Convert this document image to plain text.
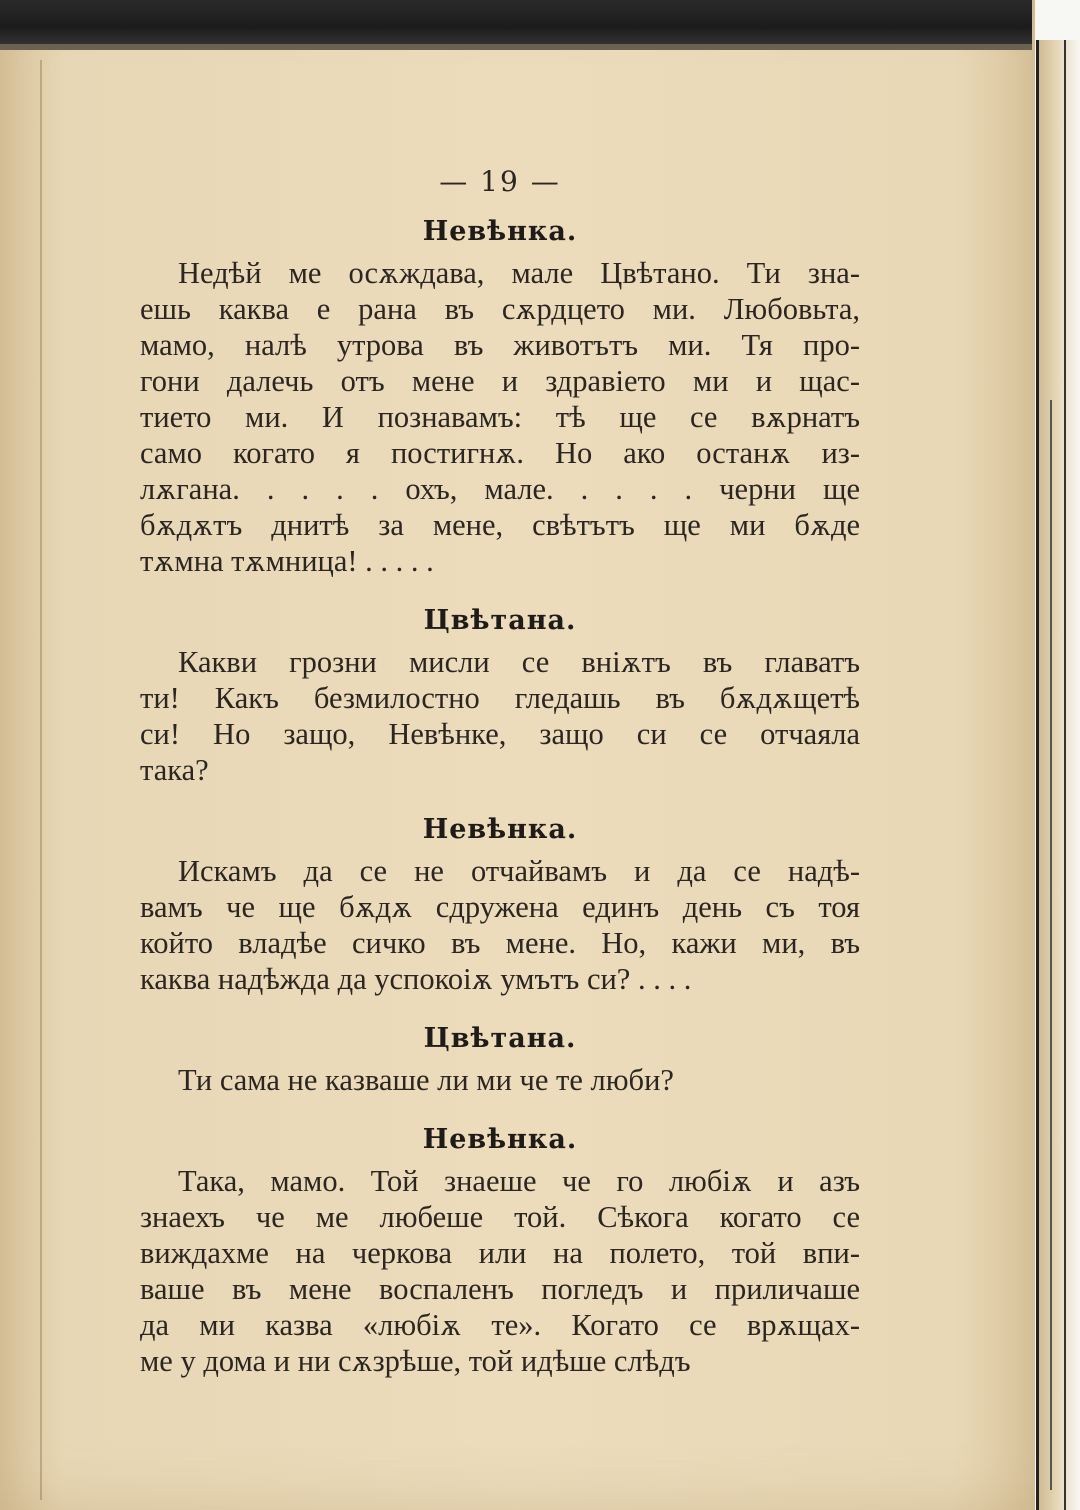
— 19 —
Невѣнка.
Недѣй ме осѫждава, мале Цвѣтано. Ти зна-
ешь каква е рана въ сѫрдцето ми. Любовьта,
мамо, налѣ утрова въ животътъ ми. Тя про-
гони далечь отъ мене и здравіето ми и щас-
тието ми. И познавамъ: тѣ ще се вѫрнатъ
само когато я постигнѫ. Но ако останѫ из-
лѫгана. . . . . охъ, мале. . . . . черни ще
бѫдѫтъ днитѣ за мене, свѣтътъ ще ми бѫде
тѫмна тѫмница! . . . . .
Цвѣтана.
Какви грозни мисли се вніѫтъ въ главатъ
ти! Какъ безмилостно гледашь въ бѫдѫщетѣ
си! Но защо, Невѣнке, защо си се отчаяла
така?
Невѣнка.
Искамъ да се не отчайвамъ и да се надѣ-
вамъ че ще бѫдѫ сдружена единъ день съ тоя
който владѣе сичко въ мене. Но, кажи ми, въ
каква надѣжда да успокоіѫ умътъ си? . . . .
Цвѣтана.
Ти сама не казваше ли ми че те люби?
Невѣнка.
Така, мамо. Той знаеше че го любіѫ и азъ
знаехъ че ме любеше той. Сѣкога когато се
виждахме на черкова или на полето, той впи-
ваше въ мене воспаленъ погледъ и приличаше
да ми казва «любіѫ те». Когато се врѫщах-
ме у дома и ни сѫзрѣше, той идѣше слѣдъ
